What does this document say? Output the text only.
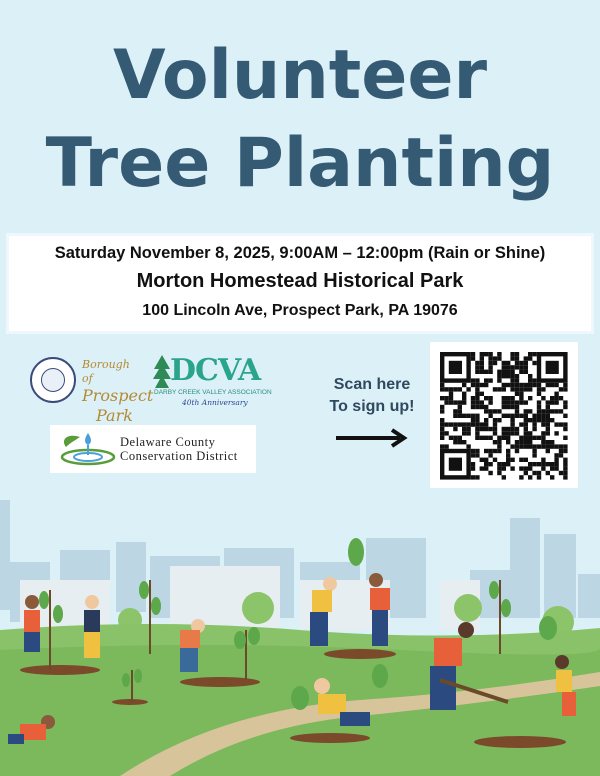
Volunteer
Tree Planting
Saturday November 8, 2025, 9:00AM – 12:00pm (Rain or Shine)
Morton Homestead Historical Park
100 Lincoln Ave, Prospect Park, PA 19076
Borough of
Prospect
Park
DCVA
DARBY CREEK VALLEY ASSOCIATION
40th Anniversary
Delaware County
Conservation District
Scan here
To sign up!
